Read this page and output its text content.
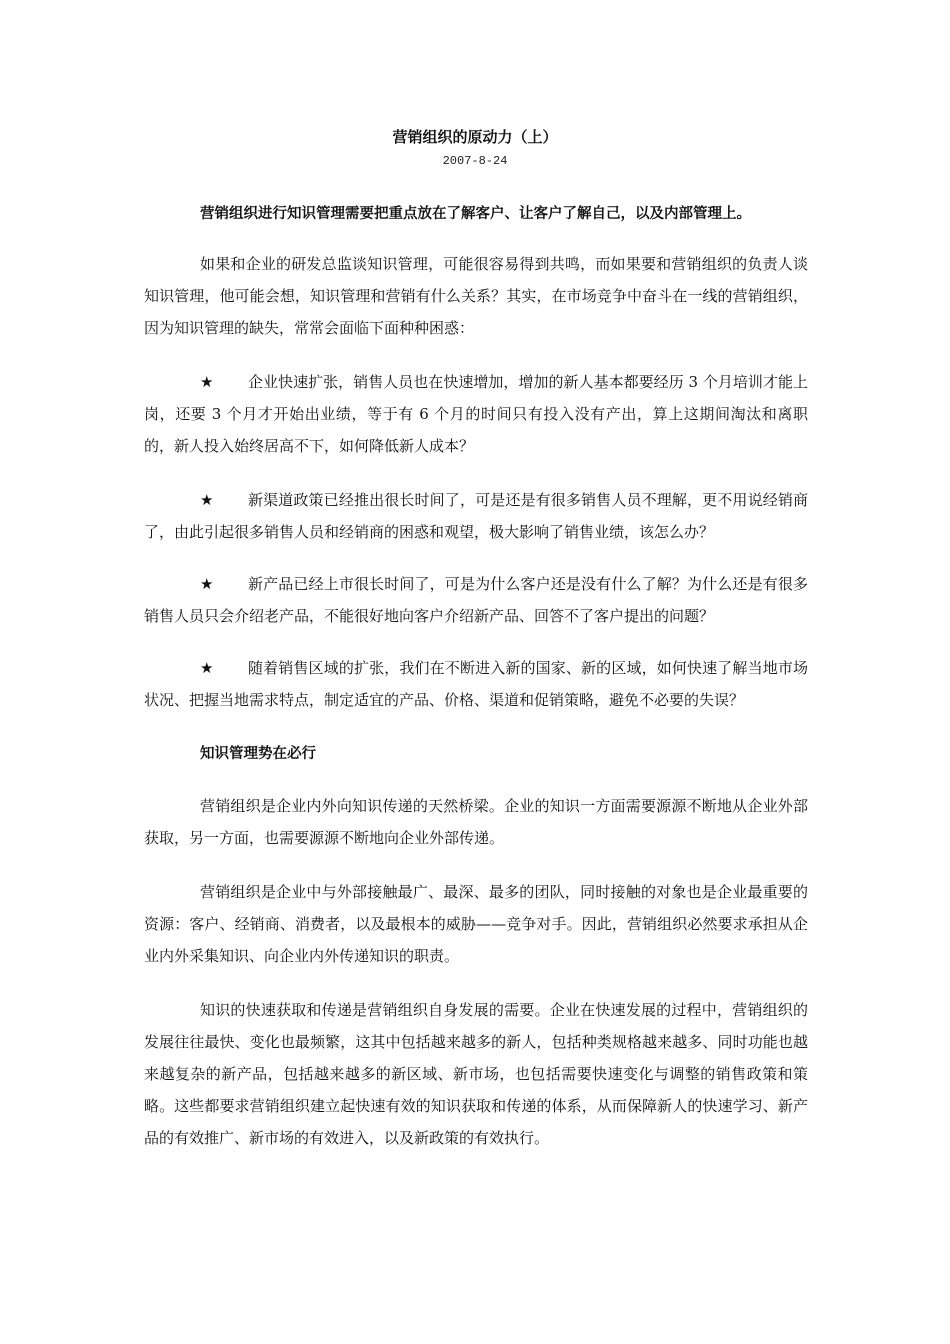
营销组织的原动力（上）
2007-8-24
营销组织进行知识管理需要把重点放在了解客户、让客户了解自己，以及内部管理上。
如果和企业的研发总监谈知识管理，可能很容易得到共鸣，而如果要和营销组织的负责人谈知识管理，他可能会想，知识管理和营销有什么关系？其实，在市场竞争中奋斗在一线的营销组织，因为知识管理的缺失，常常会面临下面种种困惑：
★	企业快速扩张，销售人员也在快速增加，增加的新人基本都要经历 3 个月培训才能上岗，还要 3 个月才开始出业绩，等于有 6 个月的时间只有投入没有产出，算上这期间淘汰和离职的，新人投入始终居高不下，如何降低新人成本？
★	新渠道政策已经推出很长时间了，可是还是有很多销售人员不理解，更不用说经销商了，由此引起很多销售人员和经销商的困惑和观望，极大影响了销售业绩，该怎么办？
★	新产品已经上市很长时间了，可是为什么客户还是没有什么了解？为什么还是有很多销售人员只会介绍老产品，不能很好地向客户介绍新产品、回答不了客户提出的问题？
★	随着销售区域的扩张，我们在不断进入新的国家、新的区域，如何快速了解当地市场状况、把握当地需求特点，制定适宜的产品、价格、渠道和促销策略，避免不必要的失误？
知识管理势在必行
营销组织是企业内外向知识传递的天然桥梁。企业的知识一方面需要源源不断地从企业外部获取，另一方面，也需要源源不断地向企业外部传递。
营销组织是企业中与外部接触最广、最深、最多的团队，同时接触的对象也是企业最重要的资源：客户、经销商、消费者，以及最根本的威胁——竞争对手。因此，营销组织必然要求承担从企业内外采集知识、向企业内外传递知识的职责。
知识的快速获取和传递是营销组织自身发展的需要。企业在快速发展的过程中，营销组织的发展往往最快、变化也最频繁，这其中包括越来越多的新人，包括种类规格越来越多、同时功能也越来越复杂的新产品，包括越来越多的新区域、新市场，也包括需要快速变化与调整的销售政策和策略。这些都要求营销组织建立起快速有效的知识获取和传递的体系，从而保障新人的快速学习、新产品的有效推广、新市场的有效进入，以及新政策的有效执行。
